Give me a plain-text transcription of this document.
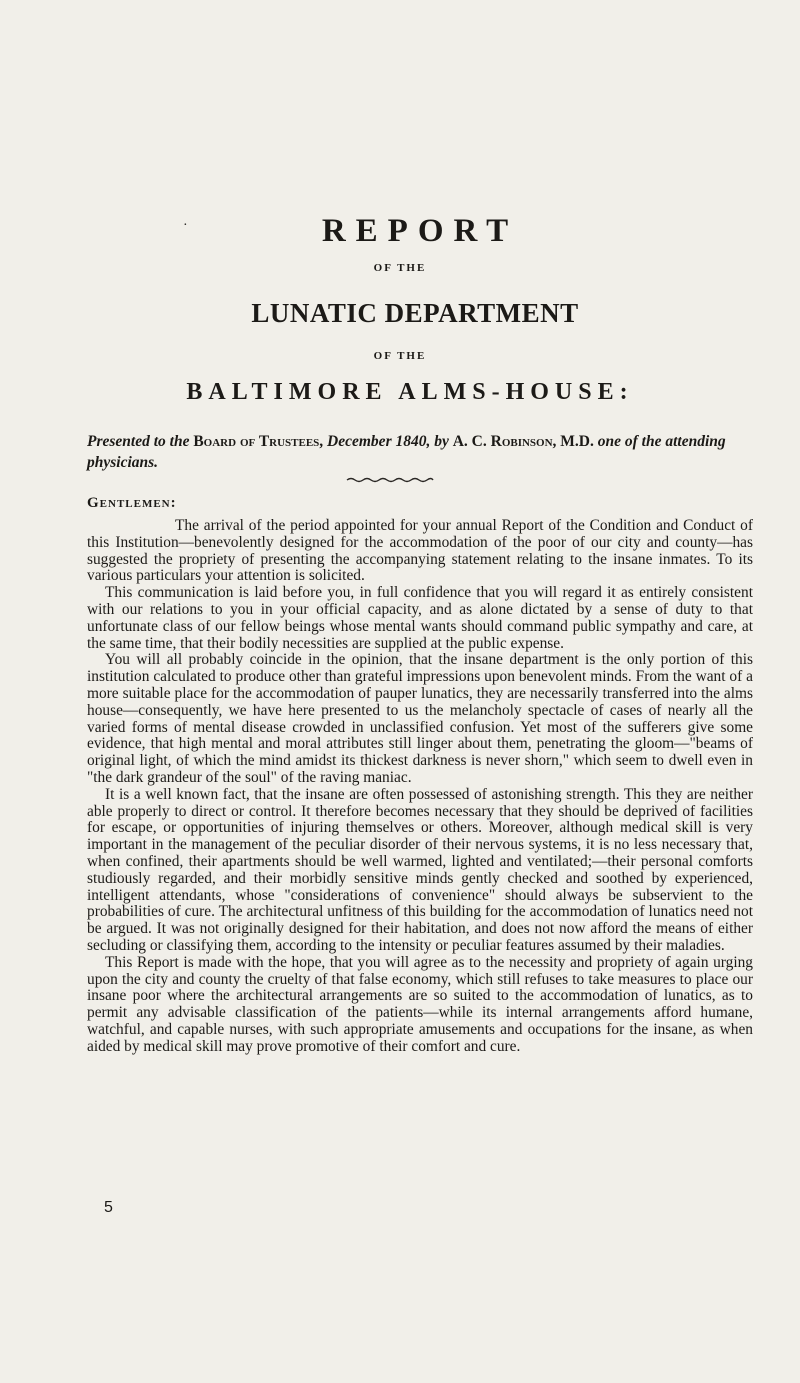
·	REPORT
OF THE
LUNATIC DEPARTMENT
OF THE
BALTIMORE ALMS-HOUSE:
Presented to the Board of Trustees, December 1840, by A. C. Robinson, M.D. one of the attending physicians.
Gentlemen:

The arrival of the period appointed for your annual Report of the Condition and Conduct of this Institution—benevolently designed for the accommodation of the poor of our city and county—has suggested the propriety of presenting the accompanying statement relating to the insane inmates. To its various particulars your attention is solicited.

This communication is laid before you, in full confidence that you will regard it as entirely consistent with our relations to you in your official capacity, and as alone dictated by a sense of duty to that unfortunate class of our fellow beings whose mental wants should command public sympathy and care, at the same time, that their bodily necessities are supplied at the public expense.

You will all probably coincide in the opinion, that the insane department is the only portion of this institution calculated to produce other than grateful impressions upon benevolent minds. From the want of a more suitable place for the accommodation of pauper lunatics, they are necessarily transferred into the alms house—consequently, we have here presented to us the melancholy spectacle of cases of nearly all the varied forms of mental disease crowded in unclassified confusion. Yet most of the sufferers give some evidence, that high mental and moral attributes still linger about them, penetrating the gloom—"beams of original light, of which the mind amidst its thickest darkness is never shorn," which seem to dwell even in "the dark grandeur of the soul" of the raving maniac.

It is a well known fact, that the insane are often possessed of astonishing strength. This they are neither able properly to direct or control. It therefore becomes necessary that they should be deprived of facilities for escape, or opportunities of injuring themselves or others. Moreover, although medical skill is very important in the management of the peculiar disorder of their nervous systems, it is no less necessary that, when confined, their apartments should be well warmed, lighted and ventilated;—their personal comforts studiously regarded, and their morbidly sensitive minds gently checked and soothed by experienced, intelligent attendants, whose "considerations of convenience" should always be subservient to the probabilities of cure. The architectural unfitness of this building for the accommodation of lunatics need not be argued. It was not originally designed for their habitation, and does not now afford the means of either secluding or classifying them, according to the intensity or peculiar features assumed by their maladies.

This Report is made with the hope, that you will agree as to the necessity and propriety of again urging upon the city and county the cruelty of that false economy, which still refuses to take measures to place our insane poor where the architectural arrangements are so suited to the accommodation of lunatics, as to permit any advisable classification of the patients—while its internal arrangements afford humane, watchful, and capable nurses, with such appropriate amusements and occupations for the insane, as when aided by medical skill may prove promotive of their comfort and cure.

5
